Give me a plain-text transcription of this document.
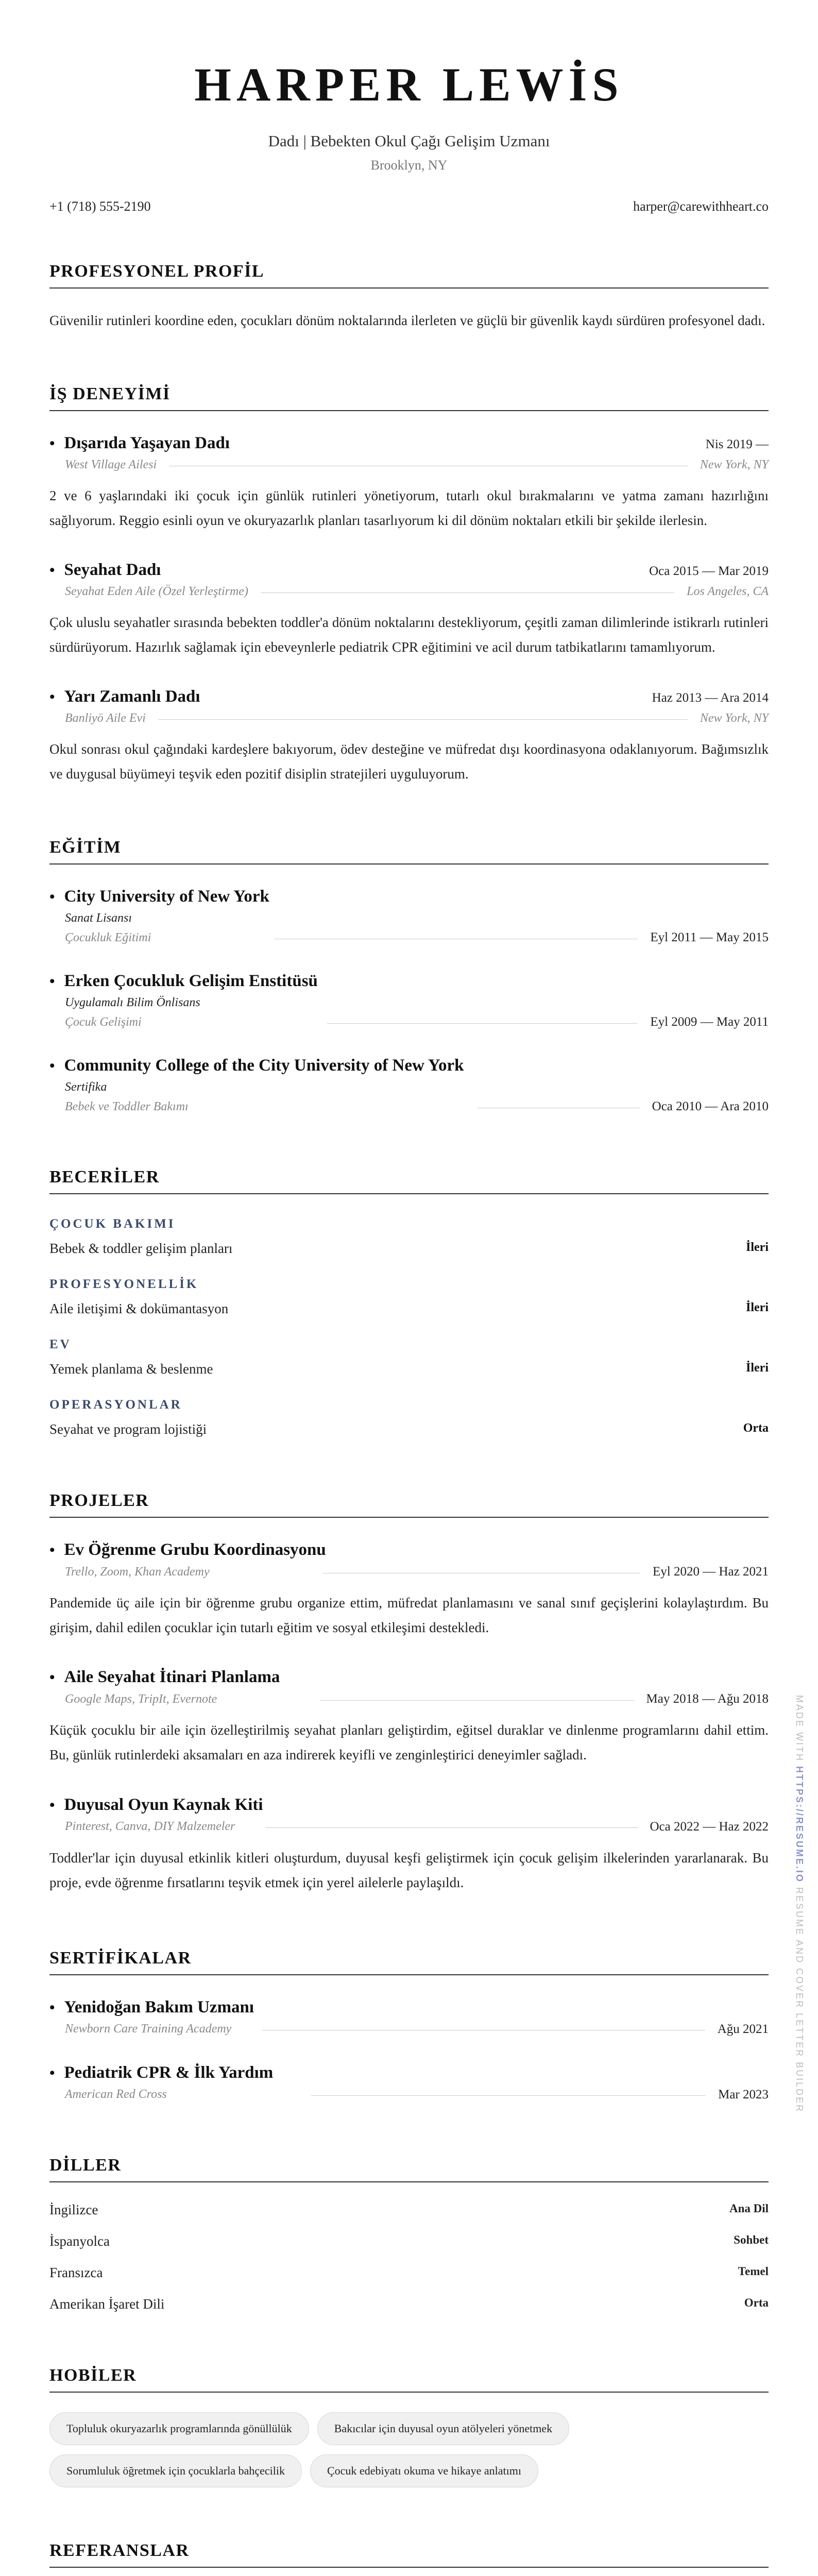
HARPER LEWİS
Dadı | Bebekten Okul Çağı Gelişim Uzmanı
Brooklyn, NY
+1 (718) 555-2190	harper@carewithheart.co
PROFESYONEL PROFİL
Güvenilir rutinleri koordine eden, çocukları dönüm noktalarında ilerleten ve güçlü bir güvenlik kaydı sürdüren profesyonel dadı.
İŞ DENEYİMİ
• Dışarıda Yaşayan Dadı	Nis 2019 —
West Village Ailesi	New York, NY
2 ve 6 yaşlarındaki iki çocuk için günlük rutinleri yönetiyorum, tutarlı okul bırakmalarını ve yatma zamanı hazırlığını sağlıyorum. Reggio esinli oyun ve okuryazarlık planları tasarlıyorum ki dil dönüm noktaları etkili bir şekilde ilerlesin.
• Seyahat Dadı	Oca 2015 — Mar 2019
Seyahat Eden Aile (Özel Yerleştirme)	Los Angeles, CA
Çok uluslu seyahatler sırasında bebekten toddler'a dönüm noktalarını destekliyorum, çeşitli zaman dilimlerinde istikrarlı rutinleri sürdürüyorum. Hazırlık sağlamak için ebeveynlerle pediatrik CPR eğitimini ve acil durum tatbikatlarını tamamlıyorum.
• Yarı Zamanlı Dadı	Haz 2013 — Ara 2014
Banliyö Aile Evi	New York, NY
Okul sonrası okul çağındaki kardeşlere bakıyorum, ödev desteğine ve müfredat dışı koordinasyona odaklanıyorum. Bağımsızlık ve duygusal büyümeyi teşvik eden pozitif disiplin stratejileri uyguluyorum.
EĞİTİM
• City University of New York
Sanat Lisansı
Çocukluk Eğitimi	Eyl 2011 — May 2015
• Erken Çocukluk Gelişim Enstitüsü
Uygulamalı Bilim Önlisans
Çocuk Gelişimi	Eyl 2009 — May 2011
• Community College of the City University of New York
Sertifika
Bebek ve Toddler Bakımı	Oca 2010 — Ara 2010
BECERİLER
ÇOCUK BAKIMI
Bebek & toddler gelişim planları	İleri
PROFESYONELLİK
Aile iletişimi & dokümantasyon	İleri
EV
Yemek planlama & beslenme	İleri
OPERASYONLAR
Seyahat ve program lojistiği	Orta
PROJELER
• Ev Öğrenme Grubu Koordinasyonu
Trello, Zoom, Khan Academy	Eyl 2020 — Haz 2021
Pandemide üç aile için bir öğrenme grubu organize ettim, müfredat planlamasını ve sanal sınıf geçişlerini kolaylaştırdım. Bu girişim, dahil edilen çocuklar için tutarlı eğitim ve sosyal etkileşimi destekledi.
• Aile Seyahat İtinari Planlama
Google Maps, TripIt, Evernote	May 2018 — Ağu 2018
Küçük çocuklu bir aile için özelleştirilmiş seyahat planları geliştirdim, eğitsel duraklar ve dinlenme programlarını dahil ettim. Bu, günlük rutinlerdeki aksamaları en aza indirerek keyifli ve zenginleştirici deneyimler sağladı.
• Duyusal Oyun Kaynak Kiti
Pinterest, Canva, DIY Malzemeler	Oca 2022 — Haz 2022
Toddler'lar için duyusal etkinlik kitleri oluşturdum, duyusal keşfi geliştirmek için çocuk gelişim ilkelerinden yararlanarak. Bu proje, evde öğrenme fırsatlarını teşvik etmek için yerel ailelerle paylaşıldı.
SERTİFİKALAR
• Yenidoğan Bakım Uzmanı
Newborn Care Training Academy	Ağu 2021
• Pediatrik CPR & İlk Yardım
American Red Cross	Mar 2023
DİLLER
İngilizce	Ana Dil
İspanyolca	Sohbet
Fransızca	Temel
Amerikan İşaret Dili	Orta
HOBİLER
Topluluk okuryazarlık programlarında gönüllülük	Bakıcılar için duyusal oyun atölyeleri yönetmek
Sorumluluk öğretmek için çocuklarla bahçecilik	Çocuk edebiyatı okuma ve hikaye anlatımı
REFERANSLAR
MADE WITH HTTPS://RESUME.IO RESUME AND COVER LETTER BUILDER
